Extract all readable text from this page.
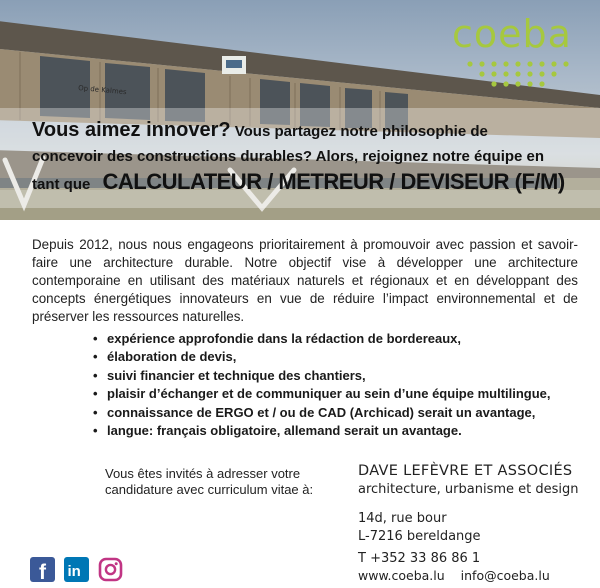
Op de Kalmes
coeba
Vous aimez innover? Vous partagez notre philosophie de
concevoir des constructions durables? Alors, rejoignez notre équipe en
tant que CALCULATEUR / METREUR / DEVISEUR (F/M)

Depuis 2012, nous nous engageons prioritairement à promouvoir avec passion et savoir-faire une architecture durable. Notre objectif vise à développer une architecture contemporaine en utilisant des matériaux naturels et régionaux et en développant des concepts énergétiques innovateurs en vue de réduire l’impact environnemental et de préserver les ressources naturelles.

• expérience approfondie dans la rédaction de bordereaux,
• élaboration de devis,
• suivi financier et technique des chantiers,
• plaisir d’échanger et de communiquer au sein d’une équipe multilingue,
• connaissance de ERGO et / ou de CAD (Archicad) serait un avantage,
• langue: français obligatoire, allemand serait un avantage.

Vous êtes invités à adresser votre candidature avec curriculum vitae à:

DAVE LEFÈVRE ET ASSOCIÉS
architecture, urbanisme et design
14d, rue bour
L-7216 bereldange
T +352 33 86 86 1
www.coeba.lu info@coeba.lu
f in
